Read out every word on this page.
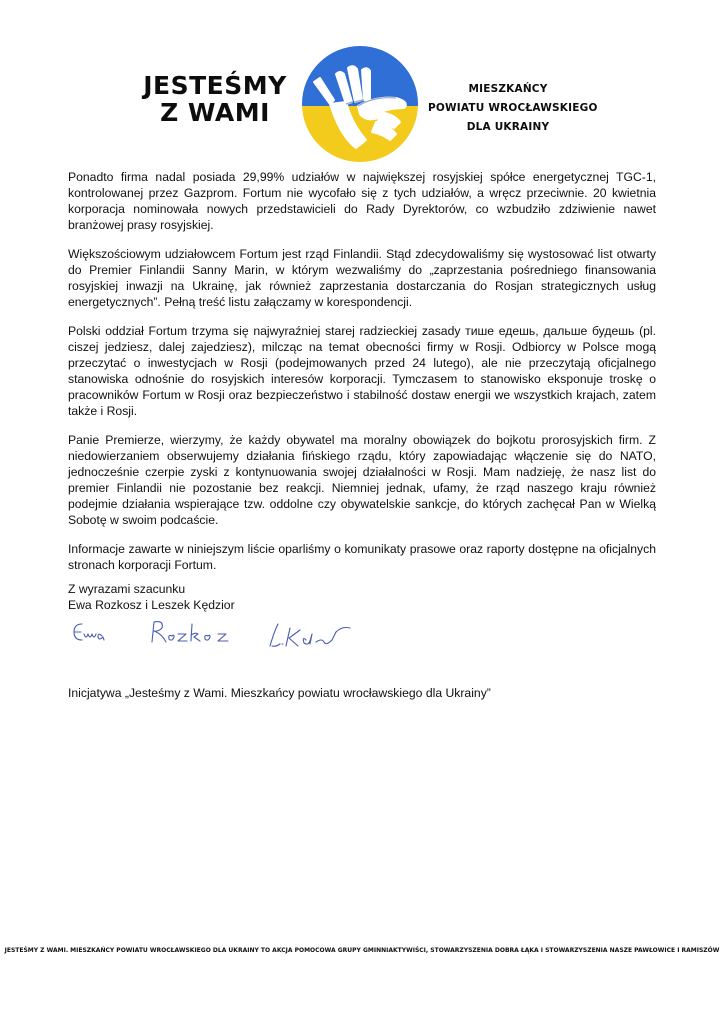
JESTEŚMY
Z WAMI
MIESZKAŃCY
POWIATU WROCŁAWSKIEGO
DLA UKRAINY

Ponadto firma nadal posiada 29,99% udziałów w największej rosyjskiej spółce energetycznej TGC-1, kontrolowanej przez Gazprom. Fortum nie wycofało się z tych udziałów, a wręcz przeciwnie. 20 kwietnia korporacja nominowała nowych przedstawicieli do Rady Dyrektorów, co wzbudziło zdziwienie nawet branżowej prasy rosyjskiej.

Większościowym udziałowcem Fortum jest rząd Finlandii. Stąd zdecydowaliśmy się wystosować list otwarty do Premier Finlandii Sanny Marin, w którym wezwaliśmy do „zaprzestania pośredniego finansowania rosyjskiej inwazji na Ukrainę, jak również zaprzestania dostarczania do Rosjan strategicznych usług energetycznych”. Pełną treść listu załączamy w korespondencji.

Polski oddział Fortum trzyma się najwyraźniej starej radzieckiej zasady тише едешь, дальше будешь (pl. ciszej jedziesz, dalej zajedziesz), milcząc na temat obecności firmy w Rosji. Odbiorcy w Polsce mogą przeczytać o inwestycjach w Rosji (podejmowanych przed 24 lutego), ale nie przeczytają oficjalnego stanowiska odnośnie do rosyjskich interesów korporacji. Tymczasem to stanowisko eksponuje troskę o pracowników Fortum w Rosji oraz bezpieczeństwo i stabilność dostaw energii we wszystkich krajach, zatem także i Rosji.

Panie Premierze, wierzymy, że każdy obywatel ma moralny obowiązek do bojkotu prorosyjskich firm. Z niedowierzaniem obserwujemy działania fińskiego rządu, który zapowiadając włączenie się do NATO, jednocześnie czerpie zyski z kontynuowania swojej działalności w Rosji. Mam nadzieję, że nasz list do premier Finlandii nie pozostanie bez reakcji. Niemniej jednak, ufamy, że rząd naszego kraju również podejmie działania wspierające tzw. oddolne czy obywatelskie sankcje, do których zachęcał Pan w Wielką Sobotę w swoim podcaście.

Informacje zawarte w niniejszym liście oparliśmy o komunikaty prasowe oraz raporty dostępne na oficjalnych stronach korporacji Fortum.

Z wyrazami szacunku
Ewa Rozkosz i Leszek Kędzior
Inicjatywa „Jesteśmy z Wami. Mieszkańcy powiatu wrocławskiego dla Ukrainy”
JESTEŚMY Z WAMI. MIESZKAŃCY POWIATU WROCŁAWSKIEGO DLA UKRAINY TO AKCJA POMOCOWA GRUPY GMINNIAKTYWIŚCI, STOWARZYSZENIA DOBRA ŁĄKA I STOWARZYSZENIA NASZE PAWŁOWICE I RAMISZÓW
